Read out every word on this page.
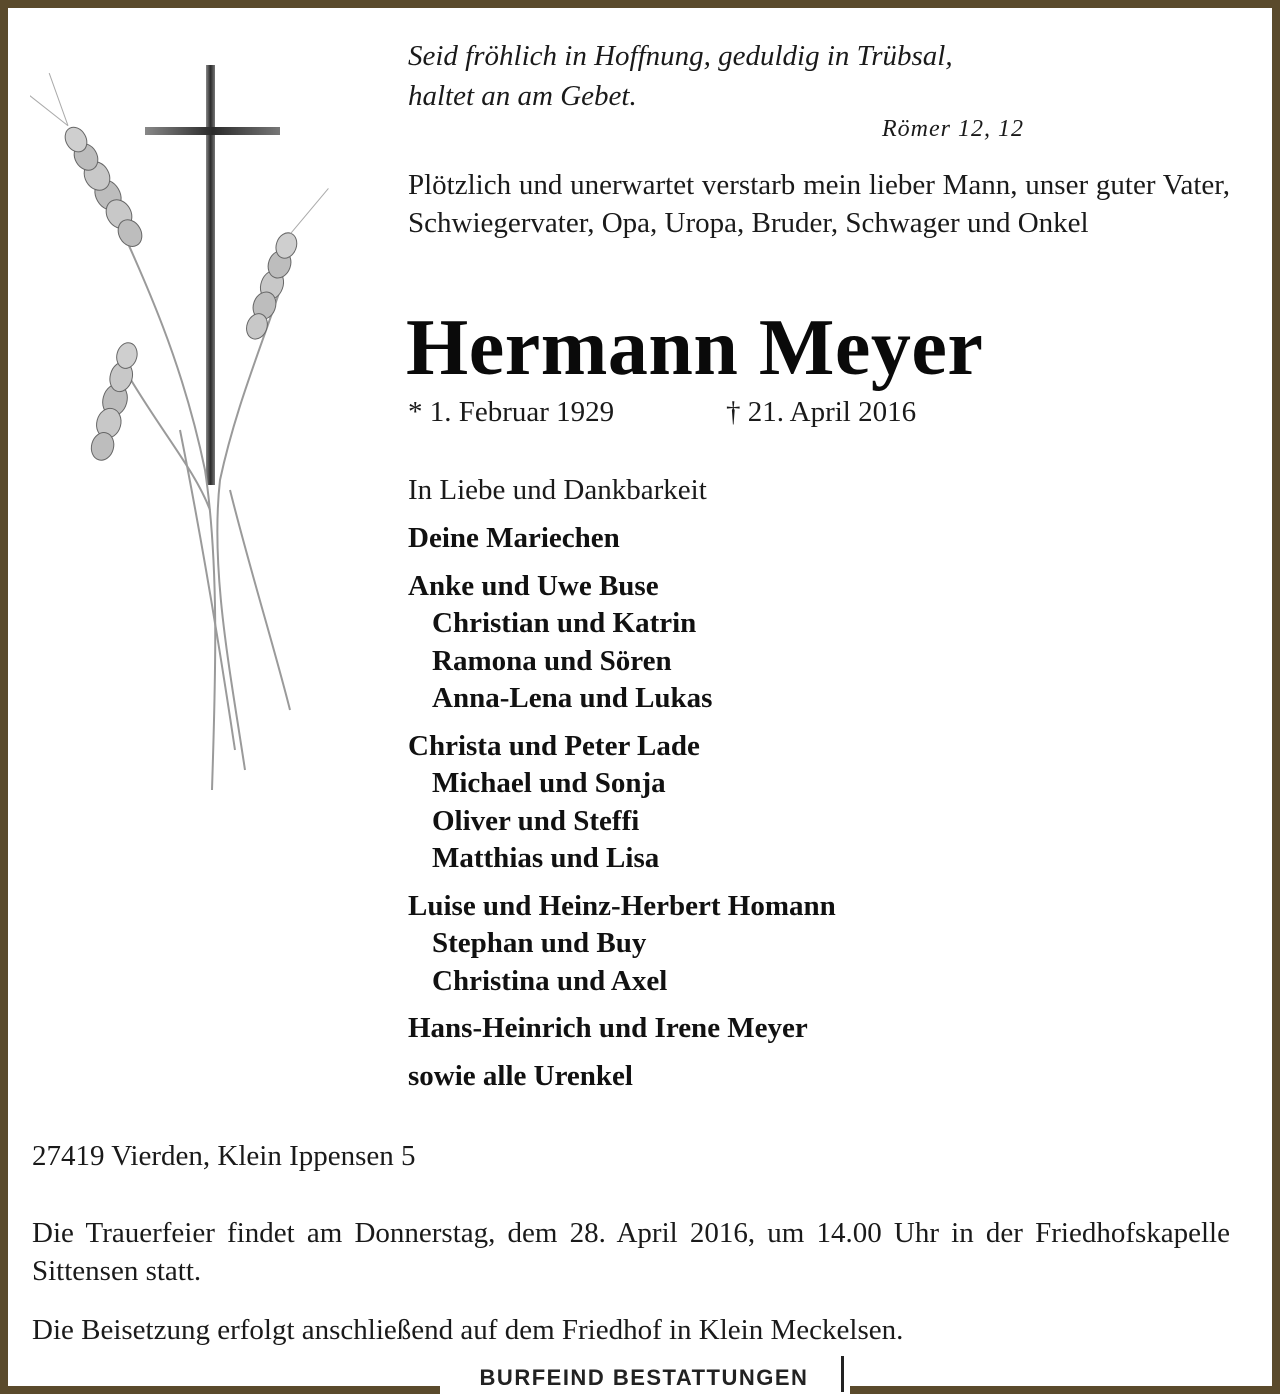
Seid fröhlich in Hoffnung, geduldig in Trübsal,
haltet an am Gebet.
Römer 12, 12
Plötzlich und unerwartet verstarb mein lieber Mann, unser guter Vater, Schwiegervater, Opa, Uropa, Bruder, Schwager und Onkel
Hermann Meyer
* 1. Februar 1929	† 21. April 2016
In Liebe und Dankbarkeit
Deine Mariechen
Anke und Uwe Buse
Christian und Katrin
Ramona und Sören
Anna-Lena und Lukas
Christa und Peter Lade
Michael und Sonja
Oliver und Steffi
Matthias und Lisa
Luise und Heinz-Herbert Homann
Stephan und Buy
Christina und Axel
Hans-Heinrich und Irene Meyer
sowie alle Urenkel
27419 Vierden, Klein Ippensen 5
Die Trauerfeier findet am Donnerstag, dem 28. April 2016, um 14.00 Uhr in der Friedhofskapelle Sittensen statt.
Die Beisetzung erfolgt anschließend auf dem Friedhof in Klein Meckelsen.
BURFEIND BESTATTUNGEN
